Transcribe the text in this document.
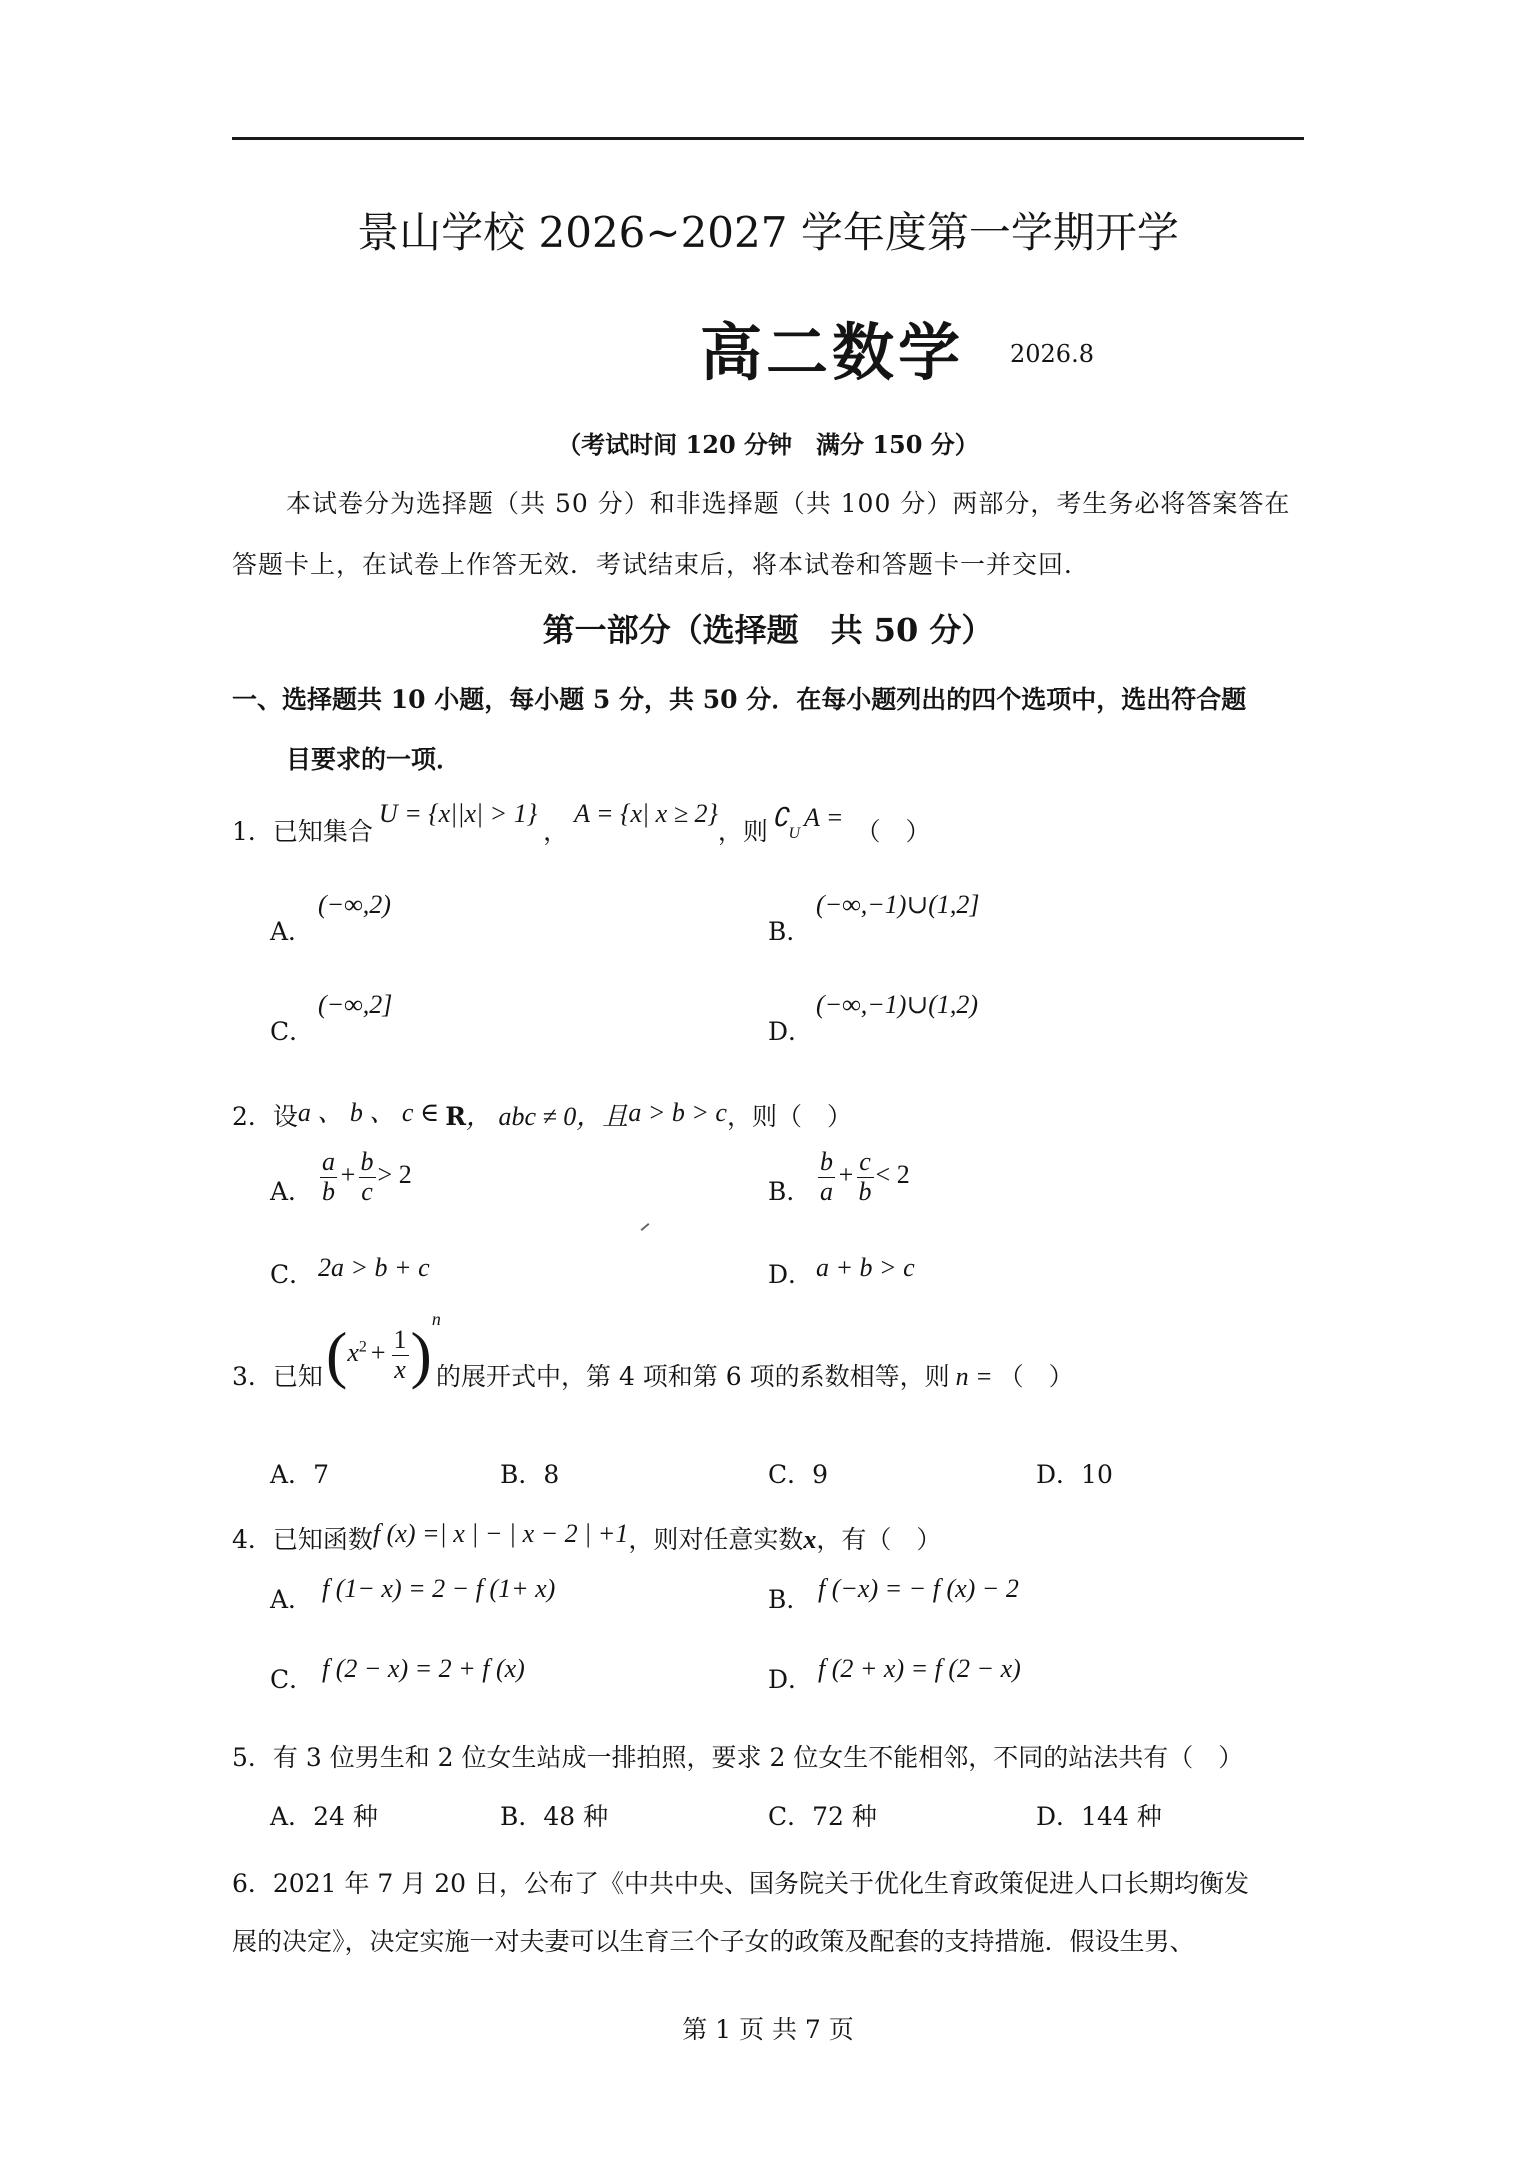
景山学校 2026~2027 学年度第一学期开学
高二数学 2026.8
（考试时间 120 分钟　满分 150 分）
本试卷分为选择题（共 50 分）和非选择题（共 100 分）两部分，考生务必将答案答在
答题卡上，在试卷上作答无效．考试结束后，将本试卷和答题卡一并交回．
第一部分（选择题　共 50 分）
一、选择题共 10 小题，每小题 5 分，共 50 分．在每小题列出的四个选项中，选出符合题
目要求的一项．
1．已知集合U = {x||x| > 1}，A = {x| x ≥ 2}，则 $∁_UA$ = （　）
A．
(−∞,2)
B．
(−∞,−1)∪(1,2]
C．
(−∞,2]
D．
(−∞,−1)∪(1,2)
2．设a 、 b 、 c ∈ R， abc ≠ 0，且a > b > c，则（　）
A． $\frac{a}{b} + \frac{b}{c} > 2$
B． $\frac{b}{a} + \frac{c}{b} < 2$
C． 2a > b + c	D． a + b > c
3．已知 $(x^2 + \frac{1}{x} )^n$
的展开式中，第 4 项和第 6 项的系数相等，则 n = （　）
A．7	B．8	C．9	D．10
4．已知函数f (x) =| x | − | x − 2 | +1，则对任意实数x，有（　）
A． f (1− x) = 2 − f (1+ x)	B． f (−x) = − f (x) − 2
C． f (2 − x) = 2 + f (x)	D． f (2 + x) = f (2 − x)
5．有 3 位男生和 2 位女生站成一排拍照，要求 2 位女生不能相邻，不同的站法共有（　）
A．24 种	B．48 种	C．72 种	D．144 种
6．2021 年 7 月 20 日，公布了《中共中央、国务院关于优化生育政策促进人口长期均衡发
展的决定》，决定实施一对夫妻可以生育三个子女的政策及配套的支持措施．假设生男、
第 1 页 共 7 页
